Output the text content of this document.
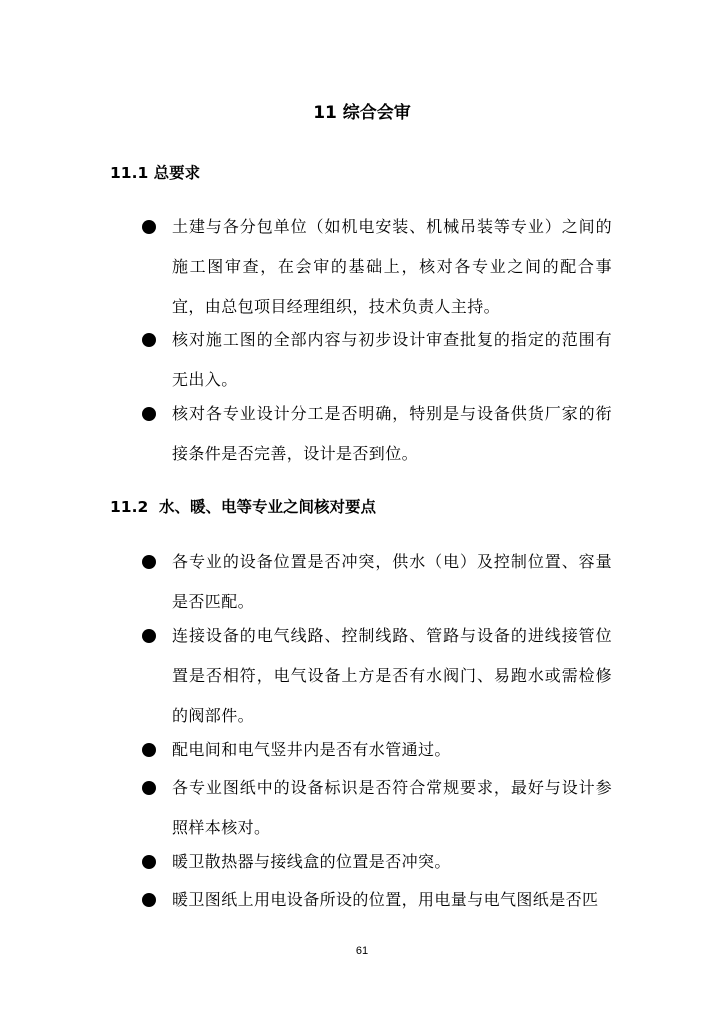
11 综合会审
11.1 总要求
土建与各分包单位（如机电安装、机械吊装等专业）之间的施工图审查，在会审的基础上，核对各专业之间的配合事宜，由总包项目经理组织，技术负责人主持。
核对施工图的全部内容与初步设计审查批复的指定的范围有无出入。
核对各专业设计分工是否明确，特别是与设备供货厂家的衔接条件是否完善，设计是否到位。
11.2  水、暖、电等专业之间核对要点
各专业的设备位置是否冲突，供水（电）及控制位置、容量是否匹配。
连接设备的电气线路、控制线路、管路与设备的进线接管位置是否相符，电气设备上方是否有水阀门、易跑水或需检修的阀部件。
配电间和电气竖井内是否有水管通过。
各专业图纸中的设备标识是否符合常规要求，最好与设计参照样本核对。
暖卫散热器与接线盒的位置是否冲突。
暖卫图纸上用电设备所设的位置，用电量与电气图纸是否匹
61
